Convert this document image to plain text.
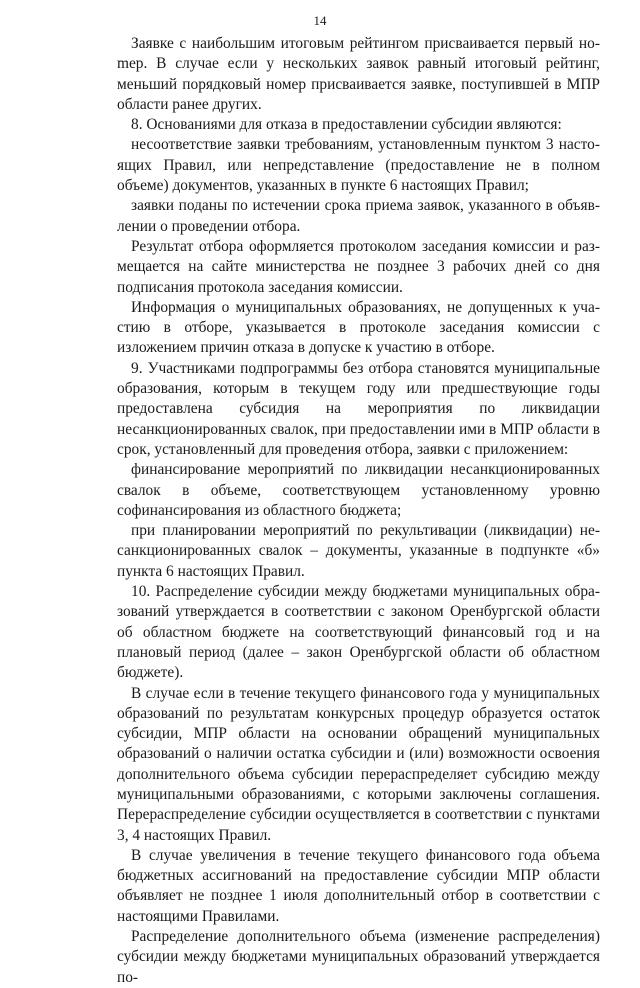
14

Заявке с наибольшим итоговым рейтингом присваивается первый ноmер. В случае если у нескольких заявок равный итоговый рейтинг, меньший порядковый номер присваивается заявке, поступившей в МПР области ранее других.

8. Основаниями для отказа в предоставлении субсидии являются:

несоответствие заявки требованиям, установленным пунктом 3 настоящих Правил, или непредставление (предоставление не в полном объеме) документов, указанных в пункте 6 настоящих Правил;

заявки поданы по истечении срока приема заявок, указанного в объявлении о проведении отбора.

Результат отбора оформляется протоколом заседания комиссии и размещается на сайте министерства не позднее 3 рабочих дней со дня подписания протокола заседания комиссии.

Информация о муниципальных образованиях, не допущенных к участию в отборе, указывается в протоколе заседания комиссии с изложением причин отказа в допуске к участию в отборе.

9. Участниками подпрограммы без отбора становятся муниципальные образования, которым в текущем году или предшествующие годы предоставлена субсидия на мероприятия по ликвидации несанкционированных свалок, при предоставлении ими в МПР области в срок, установленный для проведения отбора, заявки с приложением:

финансирование мероприятий по ликвидации несанкционированных свалок в объеме, соответствующем установленному уровню софинансирования из областного бюджета;

при планировании мероприятий по рекультивации (ликвидации) несанкционированных свалок – документы, указанные в подпункте «б» пункта 6 настоящих Правил.

10. Распределение субсидии между бюджетами муниципальных образований утверждается в соответствии с законом Оренбургской области об областном бюджете на соответствующий финансовый год и на плановый период (далее – закон Оренбургской области об областном бюджете).

В случае если в течение текущего финансового года у муниципальных образований по результатам конкурсных процедур образуется остаток субсидии, МПР области на основании обращений муниципальных образований о наличии остатка субсидии и (или) возможности освоения дополнительного объема субсидии перераспределяет субсидию между муниципальными образованиями, с которыми заключены соглашения. Перераспределение субсидии осуществляется в соответствии с пунктами 3, 4 настоящих Правил.

В случае увеличения в течение текущего финансового года объема бюджетных ассигнований на предоставление субсидии МПР области объявляет не позднее 1 июля дополнительный отбор в соответствии с настоящими Правилами.

Распределение дополнительного объема (изменение распределения) субсидии между бюджетами муниципальных образований утверждается по-
